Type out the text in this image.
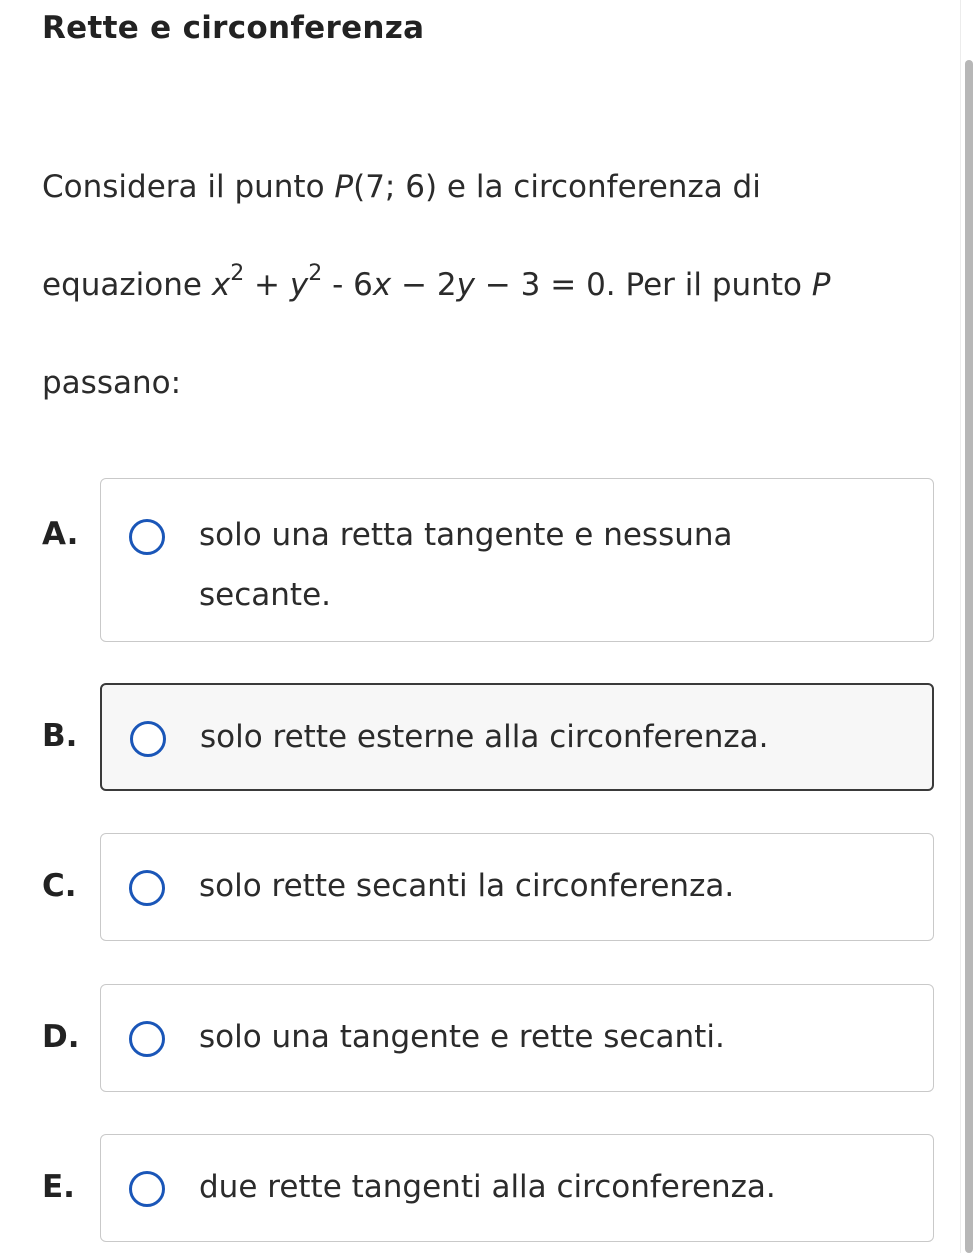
Rette e circonferenza
Considera il punto P(7; 6) e la circonferenza di
equazione $x^2 + y^2 - 6x - 2y - 3 = 0$. Per il punto P
passano:
A.	solo una retta tangente e nessuna
secante.
B.	solo rette esterne alla circonferenza.
C.	solo rette secanti la circonferenza.
D.	solo una tangente e rette secanti.
E.	due rette tangenti alla circonferenza.
